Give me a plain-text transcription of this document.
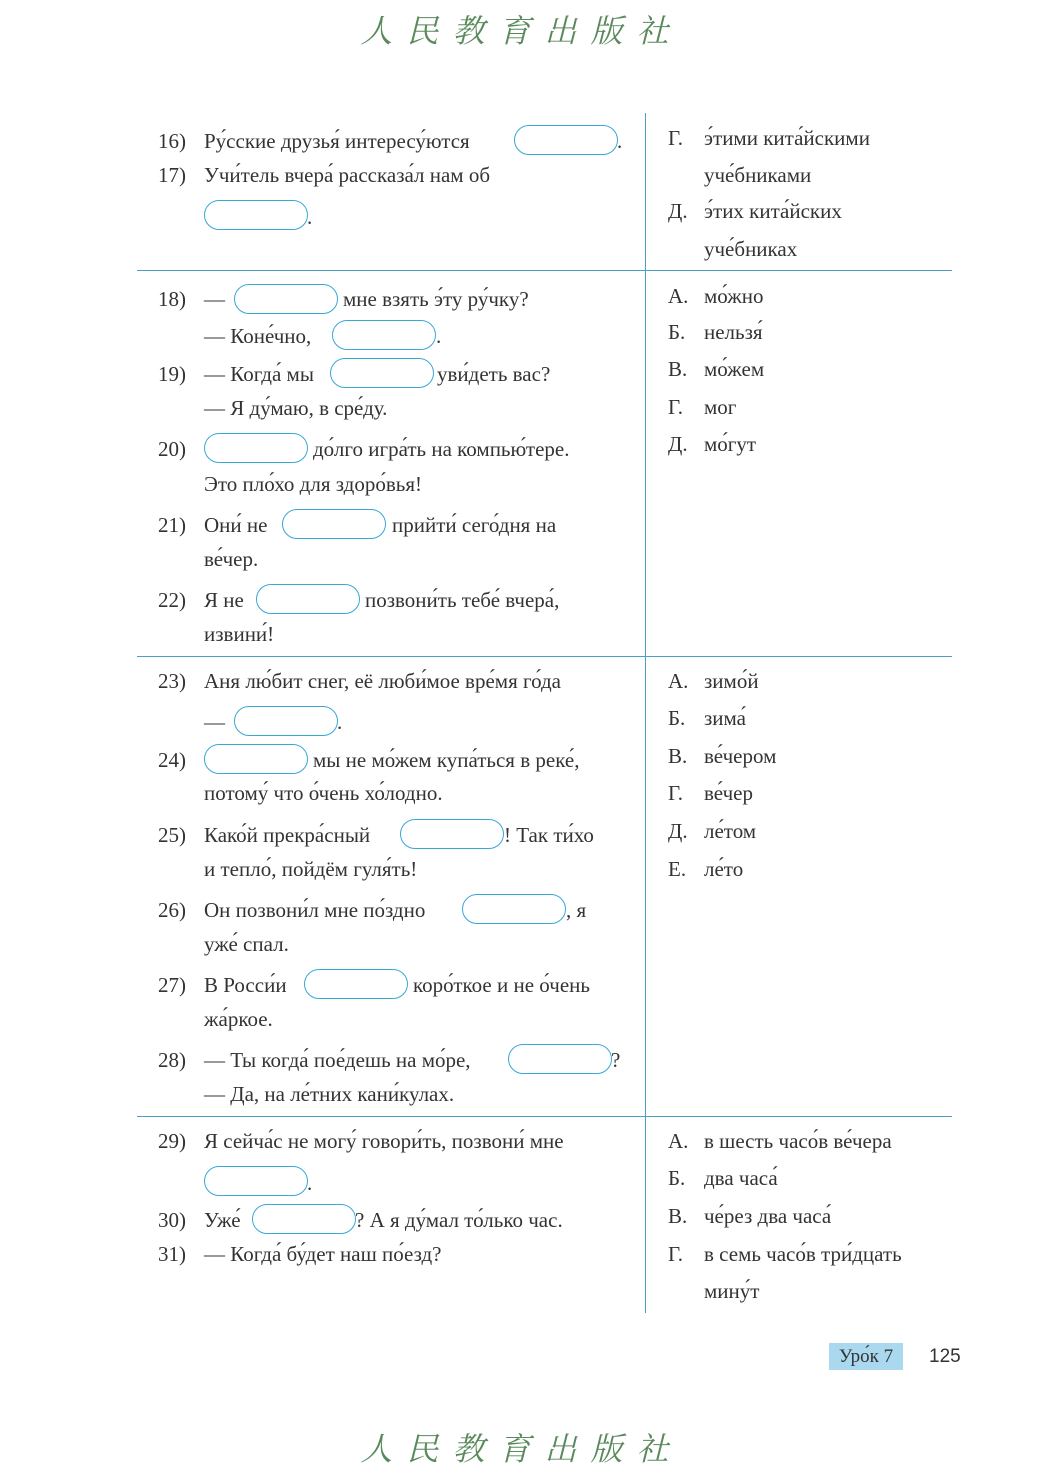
人民教育出版社
人民教育出版社
16) Ру́сские друзья́ интересу́ются	.
17) Учи́тель вчера́ рассказа́л нам об
.
Г. э́тими кита́йскими
уче́бниками
Д. э́тих кита́йских
уче́бниках
18) —	мне взять э́ту ру́чку?
— Коне́чно,	.
19) — Когда́ мы	уви́деть вас?
— Я ду́маю, в сре́ду.
20)	до́лго игра́ть на компью́тере.
Это пло́хо для здоро́вья!
21) Они́ не	прийти́ сего́дня на
ве́чер.
22) Я не	позвони́ть тебе́ вчера́,
извини́!
А. мо́жно
Б. нельзя́
В. мо́жем
Г. мог
Д. мо́гут
23) Аня лю́бит снег, её люби́мое вре́мя го́да
—	.
24)	мы не мо́жем купа́ться в реке́,
потому́ что о́чень хо́лодно.
25) Како́й прекра́сный	! Так ти́хо
и тепло́, пойдём гуля́ть!
26) Он позвони́л мне по́здно	, я
уже́ спал.
27) В Росси́и	коро́ткое и не о́чень
жа́ркое.
28) — Ты когда́ пое́дешь на мо́ре,	?
— Да, на ле́тних кани́кулах.
А. зимо́й
Б. зима́
В. ве́чером
Г. ве́чер
Д. ле́том
Е. ле́то
29) Я сейча́с не могу́ говори́ть, позвони́ мне
.
30) Уже́	? А я ду́мал то́лько час.
31) — Когда́ бу́дет наш по́езд?
А. в шесть часо́в ве́чера
Б. два часа́
В. че́рез два часа́
Г. в семь часо́в три́дцать
мину́т
Уро́к 7	125
